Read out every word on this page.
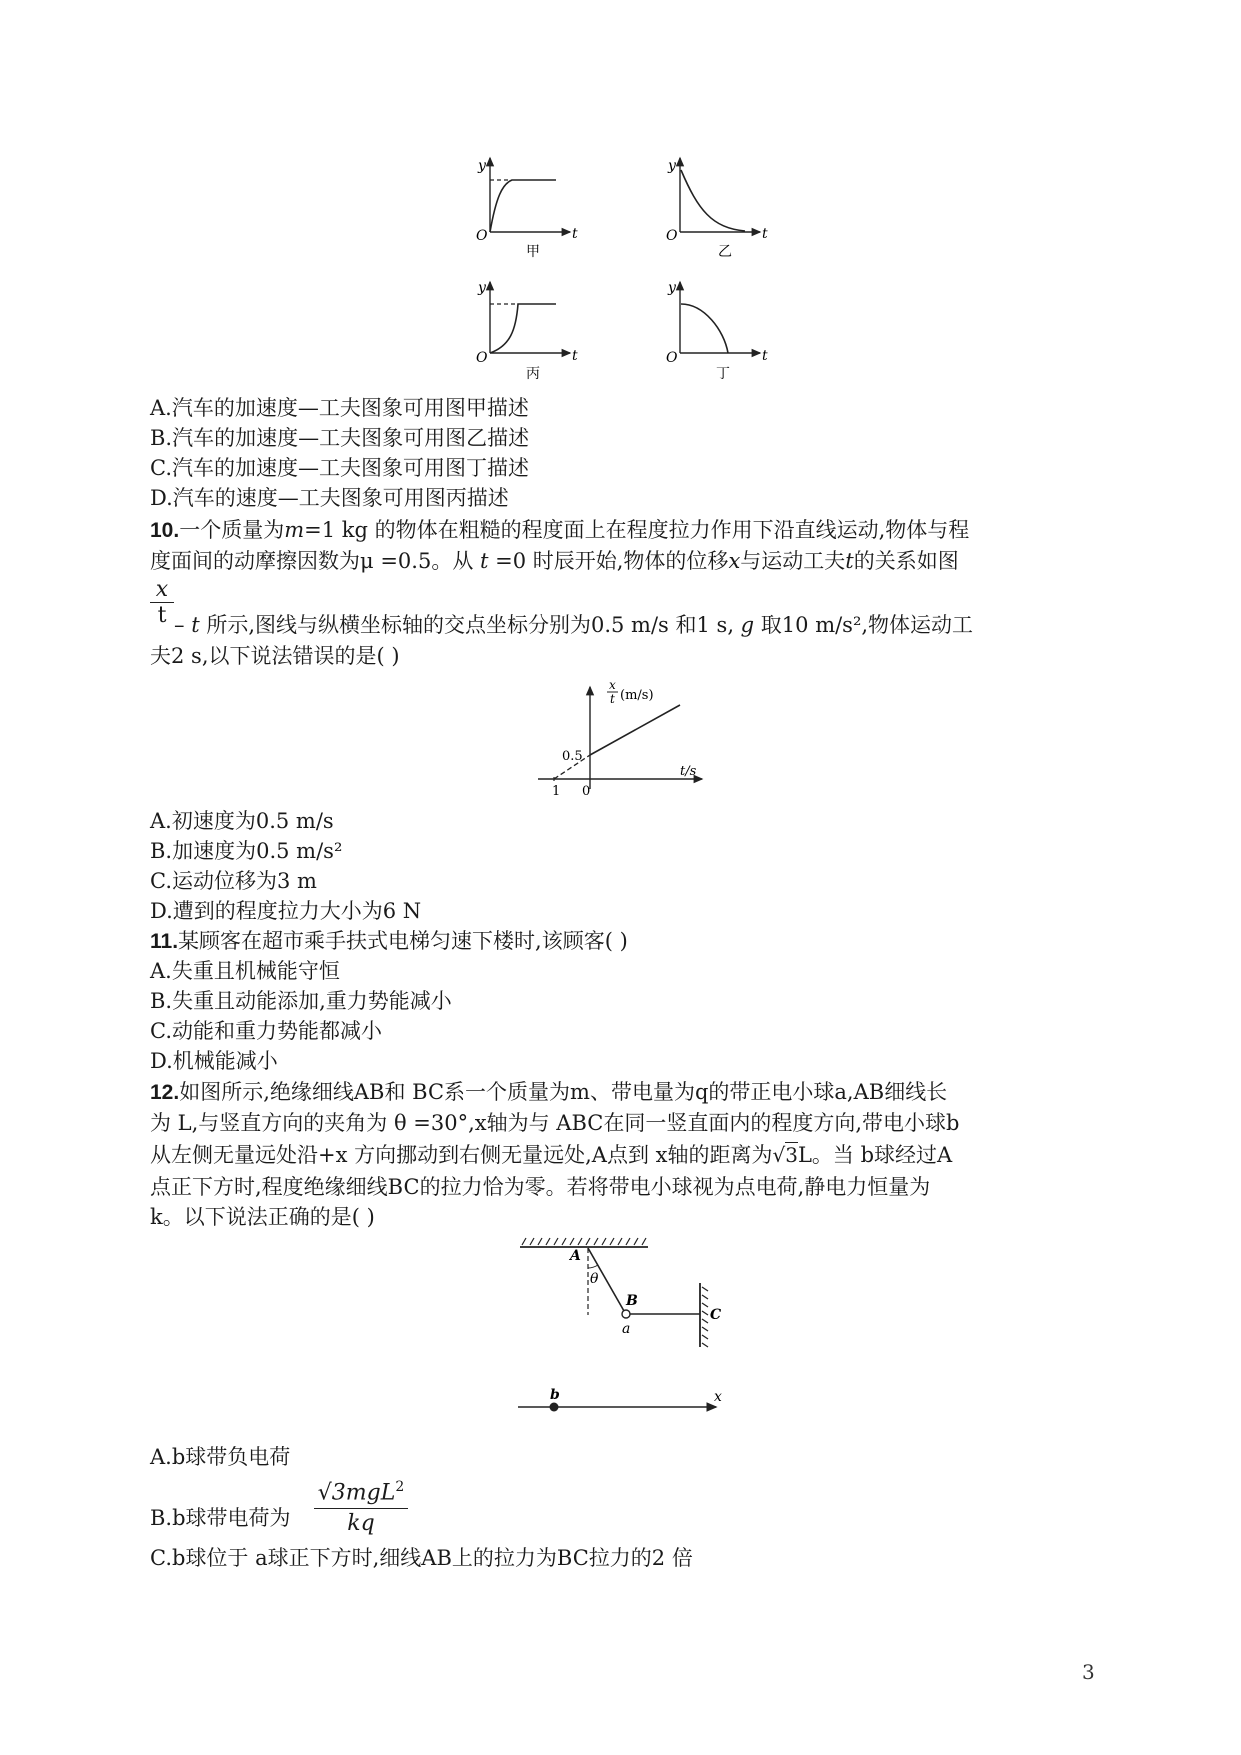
y
O	t
甲
y
O	t
乙
y
O	t
丙
y
O	t
丁
A.汽车的加速度—工夫图象可用图甲描述
B.汽车的加速度—工夫图象可用图乙描述
C.汽车的加速度—工夫图象可用图丁描述
D.汽车的速度—工夫图象可用图丙描述
10.一个质量为m=1 kg 的物体在粗糙的程度面上在程度拉力作用下沿直线运动,物体与程
度面间的动摩擦因数为μ =0.5。从 t =0 时辰开始,物体的位移x与运动工夫t的关系如图
$\frac{x}{t}$ – t 所示,图线与纵横坐标轴的交点坐标分别为0.5 m/s 和1 s, g 取10 m/s²,物体运动工
夫2 s,以下说法错误的是( )
x
t (m/s)
0.5
t/s
1 0
A.初速度为0.5 m/s
B.加速度为0.5 m/s²
C.运动位移为3 m
D.遭到的程度拉力大小为6 N
11.某顾客在超市乘手扶式电梯匀速下楼时,该顾客( )
A.失重且机械能守恒
B.失重且动能添加,重力势能减小
C.动能和重力势能都减小
D.机械能减小
12.如图所示,绝缘细线AB和 BC系一个质量为m、带电量为q的带正电小球a,AB细线长
为 L,与竖直方向的夹角为 θ =30°,x轴为与 ABC在同一竖直面内的程度方向,带电小球b
从左侧无量远处沿+x 方向挪动到右侧无量远处,A点到 x轴的距离为√3L。当 b球经过A
点正下方时,程度绝缘细线BC的拉力恰为零。若将带电小球视为点电荷,静电力恒量为
k。以下说法正确的是( )
A
θ
B
a
C
b	x
A.b球带负电荷
B.b球带电荷为
√3mgL$^2$
kq
C.b球位于 a球正下方时,细线AB上的拉力为BC拉力的2 倍
3
